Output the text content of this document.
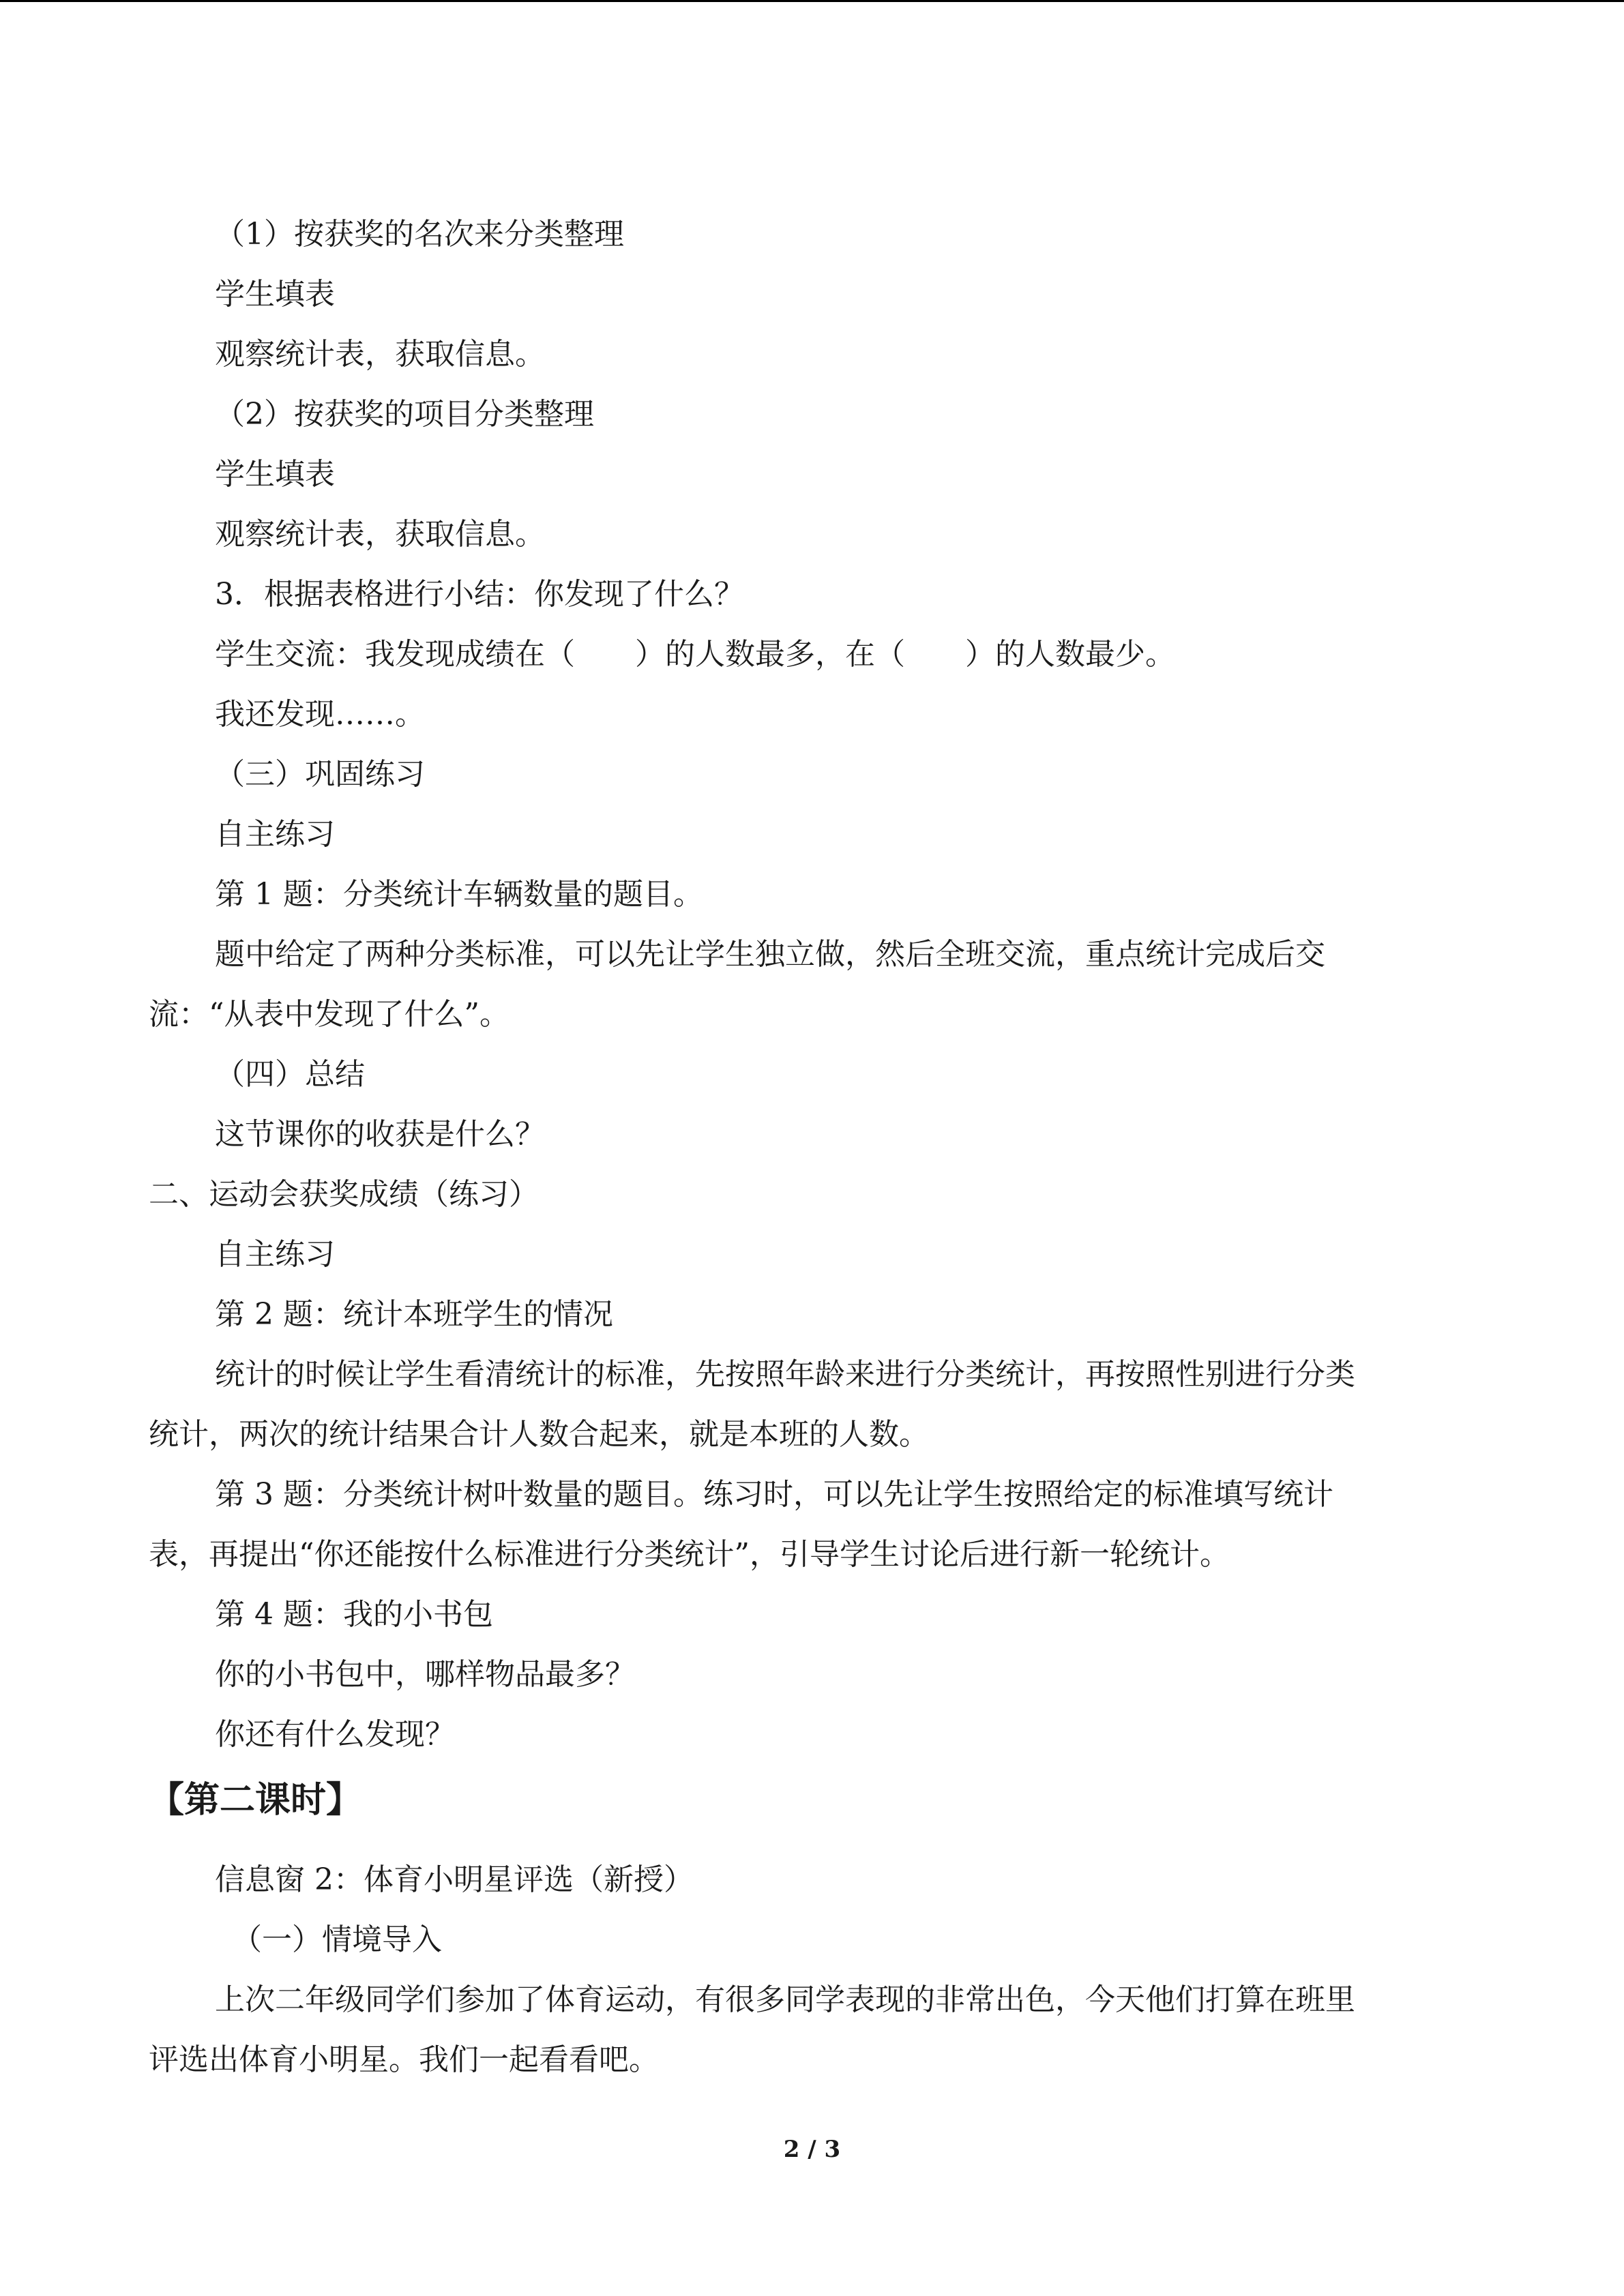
（1）按获奖的名次来分类整理
学生填表
观察统计表，获取信息。
（2）按获奖的项目分类整理
学生填表
观察统计表，获取信息。
3．根据表格进行小结：你发现了什么？
学生交流：我发现成绩在（　　）的人数最多，在（　　）的人数最少。
我还发现……。
（三）巩固练习
自主练习
第 1 题：分类统计车辆数量的题目。
题中给定了两种分类标准，可以先让学生独立做，然后全班交流，重点统计完成后交
流：“从表中发现了什么”。
（四）总结
这节课你的收获是什么？
二、运动会获奖成绩（练习）
自主练习
第 2 题：统计本班学生的情况
统计的时候让学生看清统计的标准，先按照年龄来进行分类统计，再按照性别进行分类
统计，两次的统计结果合计人数合起来，就是本班的人数。
第 3 题：分类统计树叶数量的题目。练习时，可以先让学生按照给定的标准填写统计
表，再提出“你还能按什么标准进行分类统计”，引导学生讨论后进行新一轮统计。
第 4 题：我的小书包
你的小书包中，哪样物品最多？
你还有什么发现？
【第二课时】
信息窗 2：体育小明星评选（新授）
（一）情境导入
上次二年级同学们参加了体育运动，有很多同学表现的非常出色，今天他们打算在班里
评选出体育小明星。我们一起看看吧。
2 / 3
